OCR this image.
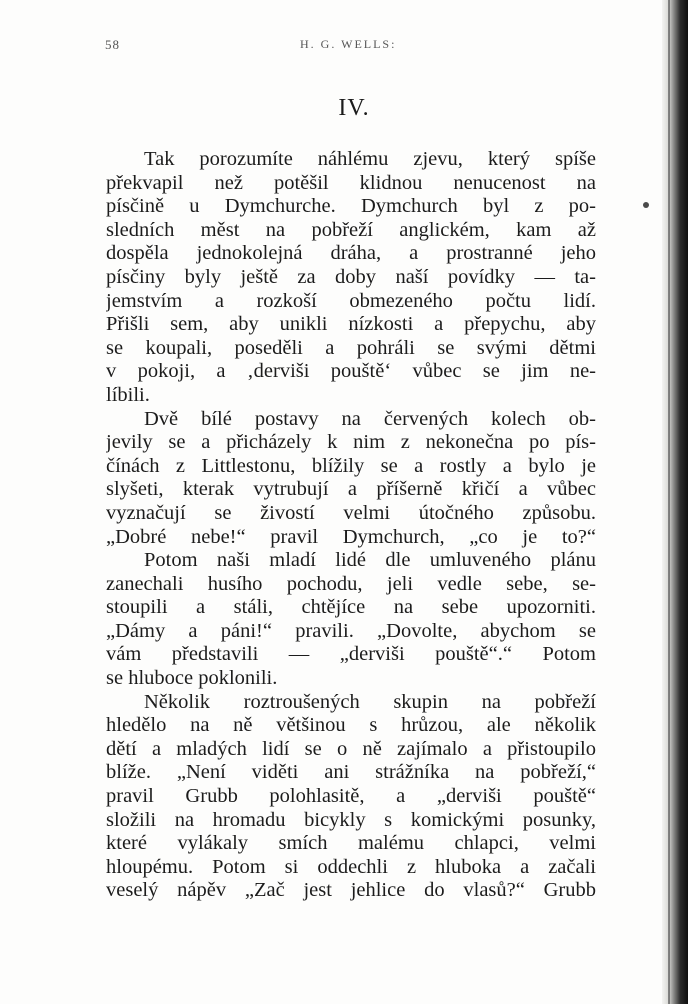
58	H. G. WELLS:
IV.
Tak porozumíte náhlému zjevu, který spíše
překvapil než potěšil klidnou nenucenost na
písčině u Dymchurche. Dymchurch byl z po-
sledních měst na pobřeží anglickém, kam až
dospěla jednokolejná dráha, a prostranné jeho
písčiny byly ještě za doby naší povídky — ta-
jemstvím a rozkoší obmezeného počtu lidí.
Přišli sem, aby unikli nízkosti a přepychu, aby
se koupali, poseděli a pohráli se svými dětmi
v pokoji, a ‚derviši pouště‘ vůbec se jim ne-
líbili.
Dvě bílé postavy na červených kolech ob-
jevily se a přicházely k nim z nekonečna po pís-
čínách z Littlestonu, blížily se a rostly a bylo je
slyšeti, kterak vytrubují a příšerně křičí a vůbec
vyznačují se živostí velmi útočného způsobu.
„Dobré nebe!“ pravil Dymchurch, „co je to?“
Potom naši mladí lidé dle umluveného plánu
zanechali husího pochodu, jeli vedle sebe, se-
stoupili a stáli, chtějíce na sebe upozorniti.
„Dámy a páni!“ pravili. „Dovolte, abychom se
vám představili — „derviši pouště“.“ Potom
se hluboce poklonili.
Několik roztroušených skupin na pobřeží
hledělo na ně většinou s hrůzou, ale několik
dětí a mladých lidí se o ně zajímalo a přistoupilo
blíže. „Není viděti ani strážníka na pobřeží,“
pravil Grubb polohlasitě, a „derviši pouště“
složili na hromadu bicykly s komickými posunky,
které vylákaly smích malému chlapci, velmi
hloupému. Potom si oddechli z hluboka a začali
veselý nápěv „Zač jest jehlice do vlasů?“ Grubb
